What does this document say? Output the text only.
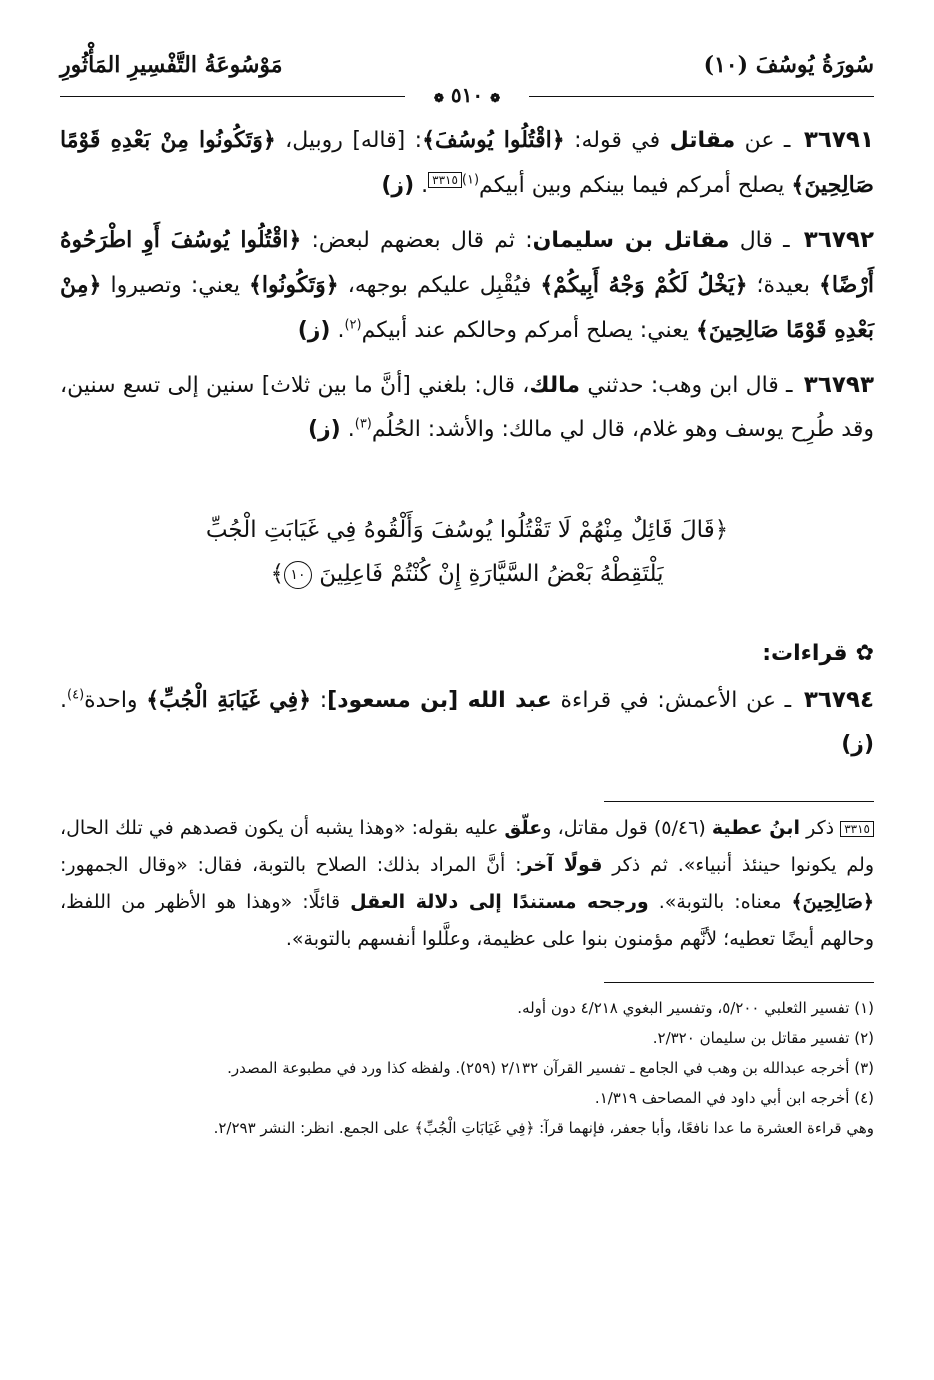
سُورَةُ يُوسُفَ (١٠)
مَوْسُوعَةُ التَّفْسِيرِ المَأْثُورِ
❁ ٥١٠ ❁

٣٦٧٩١ ـ عن مقاتل في قوله: ﴿اقْتُلُوا يُوسُفَ﴾: [قاله] روبيل، ﴿وَتَكُونُوا مِنْ بَعْدِهِ قَوْمًا صَالِحِينَ﴾ يصلح أمركم فيما بينكم وبين أبيكم$^{(١)}$٣٣١٥. (ز)

٣٦٧٩٢ ـ قال مقاتل بن سليمان: ثم قال بعضهم لبعض: ﴿اقْتُلُوا يُوسُفَ أَوِ اطْرَحُوهُ أَرْضًا﴾ بعيدة؛ ﴿يَخْلُ لَكُمْ وَجْهُ أَبِيكُمْ﴾ فيُقْبِل عليكم بوجهه، ﴿وَتَكُونُوا﴾ يعني: وتصيروا ﴿مِنْ بَعْدِهِ قَوْمًا صَالِحِينَ﴾ يعني: يصلح أمركم وحالكم عند أبيكم$^{(٢)}$. (ز)

٣٦٧٩٣ ـ قال ابن وهب: حدثني مالك، قال: بلغني [أنَّ ما بين ثلاث] سنين إلى تسع سنين، وقد طُرِح يوسف وهو غلام، قال لي مالك: والأشد: الحُلُم$^{(٣)}$. (ز)

﴿قَالَ قَائِلٌ مِنْهُمْ لَا تَقْتُلُوا يُوسُفَ وَأَلْقُوهُ فِي غَيَابَتِ الْجُبِّ
يَلْتَقِطْهُ بَعْضُ السَّيَّارَةِ إِنْ كُنْتُمْ فَاعِلِينَ ١٠﴾
✿قراءات:

٣٦٧٩٤ ـ عن الأعمش: في قراءة عبد الله [بن مسعود]: ﴿فِي غَيَابَةِ الْجُبِّ﴾ واحدة$^{(٤)}$. (ز)

٣٣١٥ ذكر ابنُ عطية (٥/٤٦) قول مقاتل، وعلّق عليه بقوله: «وهذا يشبه أن يكون قصدهم في تلك الحال، ولم يكونوا حينئذ أنبياء». ثم ذكر قولًا آخر: أنَّ المراد بذلك: الصلاح بالتوبة، فقال: «وقال الجمهور: ﴿صَالِحِينَ﴾ معناه: بالتوبة». ورجحه مستندًا إلى دلالة العقل قائلًا: «وهذا هو الأظهر من اللفظ، وحالهم أيضًا تعطيه؛ لأنَّهم مؤمنون بنوا على عظيمة، وعلَّلوا أنفسهم بالتوبة».

(١) تفسير الثعلبي ٥/٢٠٠، وتفسير البغوي ٤/٢١٨ دون أوله.
(٢) تفسير مقاتل بن سليمان ٢/٣٢٠.
(٣) أخرجه عبدالله بن وهب في الجامع ـ تفسير القرآن ٢/١٣٢ (٢٥٩). ولفظه كذا ورد في مطبوعة المصدر.
(٤) أخرجه ابن أبي داود في المصاحف ١/٣١٩.
وهي قراءة العشرة ما عدا نافعًا، وأبا جعفر، فإنهما قرآ: ﴿فِي غَيَابَاتِ الْجُبِّ﴾ على الجمع. انظر: النشر ٢/٢٩٣.
